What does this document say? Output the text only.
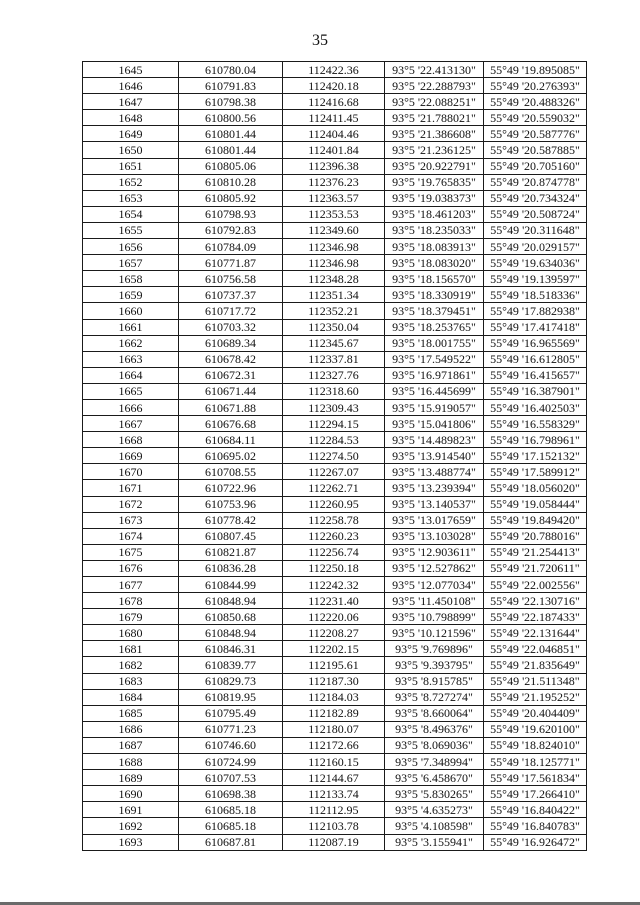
35
1645	610780.04	112422.36	93°5 '22.413130"	55°49 '19.895085"
1646	610791.83	112420.18	93°5 '22.288793"	55°49 '20.276393"
1647	610798.38	112416.68	93°5 '22.088251"	55°49 '20.488326"
1648	610800.56	112411.45	93°5 '21.788021"	55°49 '20.559032"
1649	610801.44	112404.46	93°5 '21.386608"	55°49 '20.587776"
1650	610801.44	112401.84	93°5 '21.236125"	55°49 '20.587885"
1651	610805.06	112396.38	93°5 '20.922791"	55°49 '20.705160"
1652	610810.28	112376.23	93°5 '19.765835"	55°49 '20.874778"
1653	610805.92	112363.57	93°5 '19.038373"	55°49 '20.734324"
1654	610798.93	112353.53	93°5 '18.461203"	55°49 '20.508724"
1655	610792.83	112349.60	93°5 '18.235033"	55°49 '20.311648"
1656	610784.09	112346.98	93°5 '18.083913"	55°49 '20.029157"
1657	610771.87	112346.98	93°5 '18.083020"	55°49 '19.634036"
1658	610756.58	112348.28	93°5 '18.156570"	55°49 '19.139597"
1659	610737.37	112351.34	93°5 '18.330919"	55°49 '18.518336"
1660	610717.72	112352.21	93°5 '18.379451"	55°49 '17.882938"
1661	610703.32	112350.04	93°5 '18.253765"	55°49 '17.417418"
1662	610689.34	112345.67	93°5 '18.001755"	55°49 '16.965569"
1663	610678.42	112337.81	93°5 '17.549522"	55°49 '16.612805"
1664	610672.31	112327.76	93°5 '16.971861"	55°49 '16.415657"
1665	610671.44	112318.60	93°5 '16.445699"	55°49 '16.387901"
1666	610671.88	112309.43	93°5 '15.919057"	55°49 '16.402503"
1667	610676.68	112294.15	93°5 '15.041806"	55°49 '16.558329"
1668	610684.11	112284.53	93°5 '14.489823"	55°49 '16.798961"
1669	610695.02	112274.50	93°5 '13.914540"	55°49 '17.152132"
1670	610708.55	112267.07	93°5 '13.488774"	55°49 '17.589912"
1671	610722.96	112262.71	93°5 '13.239394"	55°49 '18.056020"
1672	610753.96	112260.95	93°5 '13.140537"	55°49 '19.058444"
1673	610778.42	112258.78	93°5 '13.017659"	55°49 '19.849420"
1674	610807.45	112260.23	93°5 '13.103028"	55°49 '20.788016"
1675	610821.87	112256.74	93°5 '12.903611"	55°49 '21.254413"
1676	610836.28	112250.18	93°5 '12.527862"	55°49 '21.720611"
1677	610844.99	112242.32	93°5 '12.077034"	55°49 '22.002556"
1678	610848.94	112231.40	93°5 '11.450108"	55°49 '22.130716"
1679	610850.68	112220.06	93°5 '10.798899"	55°49 '22.187433"
1680	610848.94	112208.27	93°5 '10.121596"	55°49 '22.131644"
1681	610846.31	112202.15	93°5 '9.769896"	55°49 '22.046851"
1682	610839.77	112195.61	93°5 '9.393795"	55°49 '21.835649"
1683	610829.73	112187.30	93°5 '8.915785"	55°49 '21.511348"
1684	610819.95	112184.03	93°5 '8.727274"	55°49 '21.195252"
1685	610795.49	112182.89	93°5 '8.660064"	55°49 '20.404409"
1686	610771.23	112180.07	93°5 '8.496376"	55°49 '19.620100"
1687	610746.60	112172.66	93°5 '8.069036"	55°49 '18.824010"
1688	610724.99	112160.15	93°5 '7.348994"	55°49 '18.125771"
1689	610707.53	112144.67	93°5 '6.458670"	55°49 '17.561834"
1690	610698.38	112133.74	93°5 '5.830265"	55°49 '17.266410"
1691	610685.18	112112.95	93°5 '4.635273"	55°49 '16.840422"
1692	610685.18	112103.78	93°5 '4.108598"	55°49 '16.840783"
1693	610687.81	112087.19	93°5 '3.155941"	55°49 '16.926472"
